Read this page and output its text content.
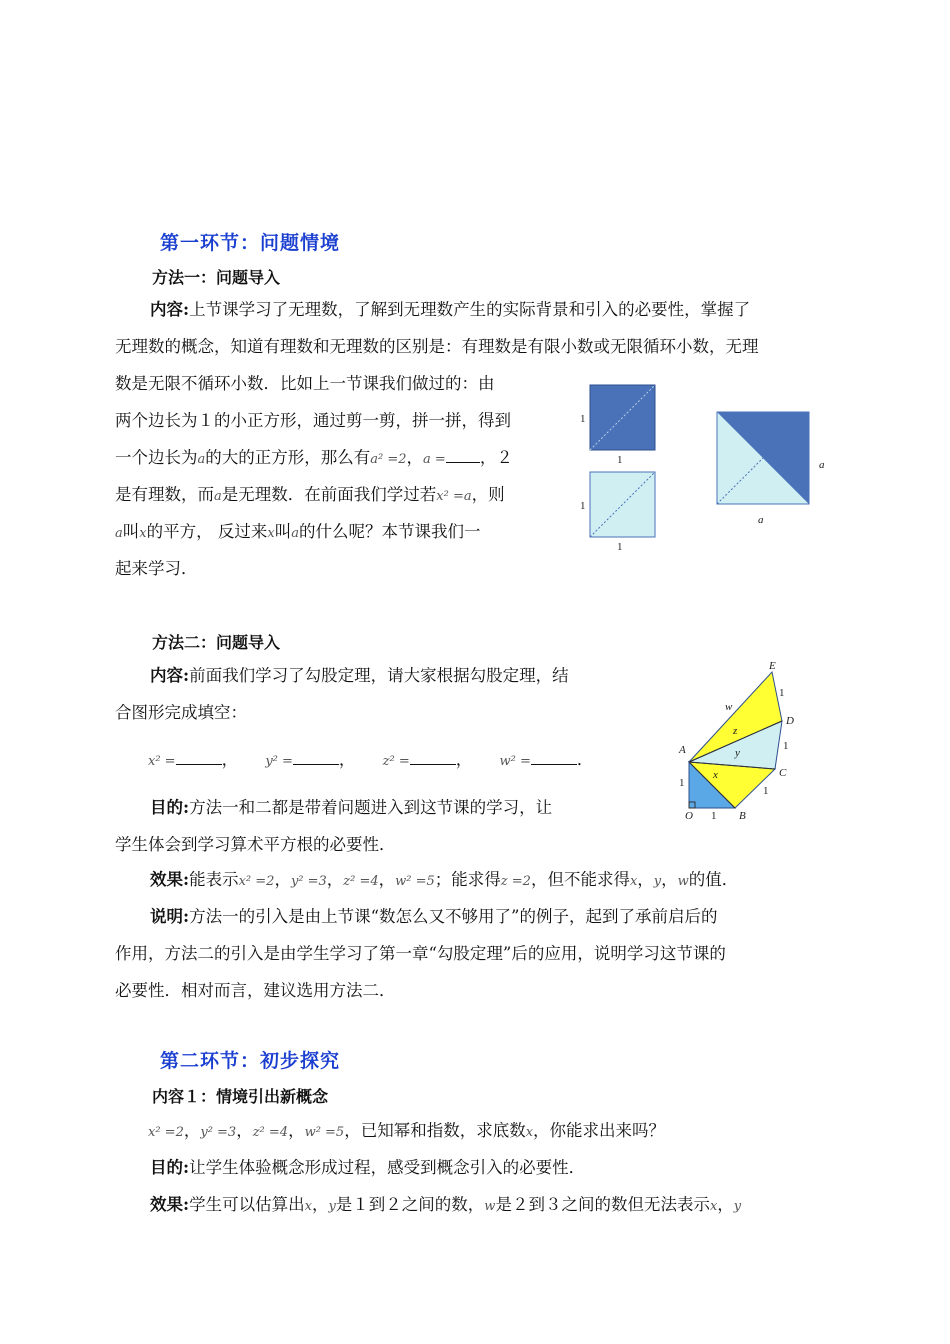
第一环节：问题情境
方法一：问题导入
内容:上节课学习了无理数，了解到无理数产生的实际背景和引入的必要性，掌握了
无理数的概念，知道有理数和无理数的区别是：有理数是有限小数或无限循环小数，无理
数是无限不循环小数．比如上一节课我们做过的：由
两个边长为１的小正方形，通过剪一剪，拼一拼，得到
一个边长为a的大的正方形，那么有a² =2，a = ，２
是有理数，而a是无理数．在前面我们学过若x² =a，则
a叫x的平方， 反过来x叫a的什么呢？本节课我们一
起来学习．
1
1
1
1
a
a
方法二：问题导入
内容:前面我们学习了勾股定理，请大家根据勾股定理，结
合图形完成填空：
x² =	， y² =	， z² =	， w² =	．
目的:方法一和二都是带着问题进入到这节课的学习，让
学生体会到学习算术平方根的必要性．
E
D
C
A
O	B
w
z
y
x
1
1
1
1
1
效果:能表示x² =2，y² =3，z² =4，w² =5；能求得z =2，但不能求得x，y，w的值．
说明:方法一的引入是由上节课“数怎么又不够用了”的例子，起到了承前启后的
作用，方法二的引入是由学生学习了第一章“勾股定理”后的应用，说明学习这节课的
必要性．相对而言，建议选用方法二．
第二环节：初步探究
内容１：情境引出新概念
x² =2，y² =3，z² =4，w² =5，已知幂和指数，求底数x，你能求出来吗？
目的:让学生体验概念形成过程，感受到概念引入的必要性．
效果:学生可以估算出x，y是１到２之间的数，w是２到３之间的数但无法表示x，y
